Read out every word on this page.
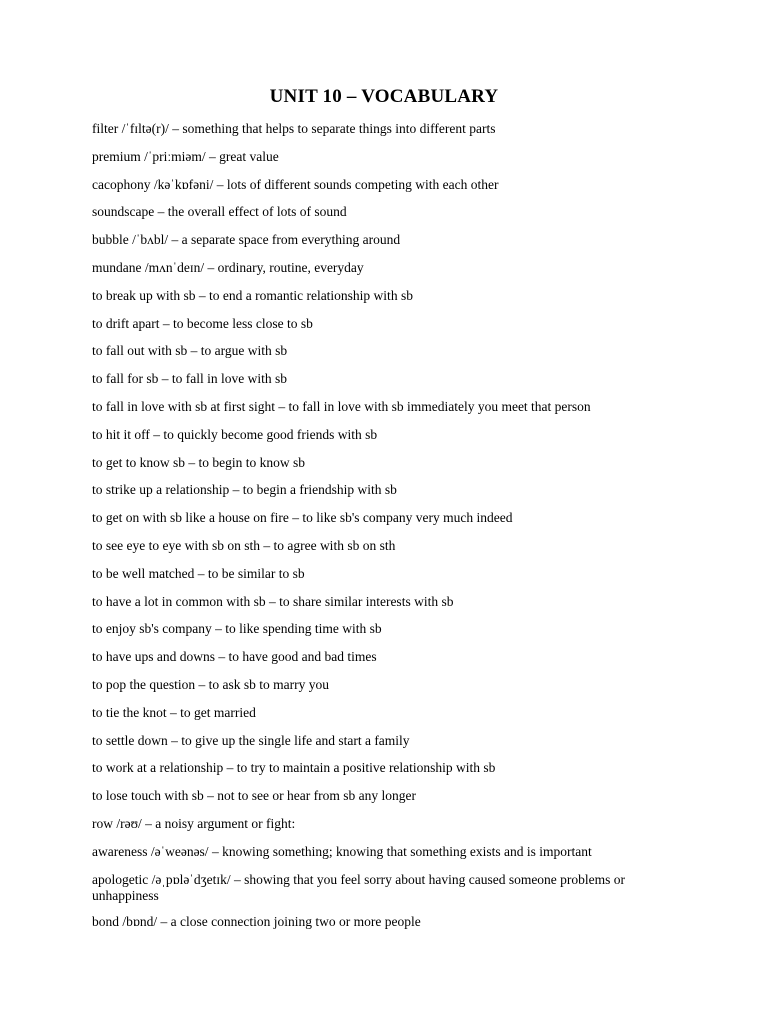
UNIT 10 – VOCABULARY
filter /ˈfɪltə(r)/ – something that helps to separate things into different parts
premium /ˈpriːmiəm/ – great value
cacophony /kəˈkɒfəni/ – lots of different sounds competing with each other
soundscape – the overall effect of lots of sound
bubble /ˈbʌbl/ – a separate space from everything around
mundane /mʌnˈdeɪn/ – ordinary, routine, everyday
to break up with sb – to end a romantic relationship with sb
to drift apart – to become less close to sb
to fall out with sb – to argue with sb
to fall for sb – to fall in love with sb
to fall in love with sb at first sight – to fall in love with sb immediately you meet that person
to hit it off – to quickly become good friends with sb
to get to know sb – to begin to know sb
to strike up a relationship – to begin a friendship with sb
to get on with sb like a house on fire – to like sb's company very much indeed
to see eye to eye with sb on sth – to agree with sb on sth
to be well matched – to be similar to sb
to have a lot in common with sb – to share similar interests with sb
to enjoy sb's company – to like spending time with sb
to have ups and downs – to have good and bad times
to pop the question – to ask sb to marry you
to tie the knot – to get married
to settle down – to give up the single life and start a family
to work at a relationship – to try to maintain a positive relationship with sb
to lose touch with sb – not to see or hear from sb any longer
row /rəʊ/ – a noisy argument or fight:
awareness /əˈweənəs/ – knowing something; knowing that something exists and is important
apologetic /əˌpɒləˈdʒetɪk/ – showing that you feel sorry about having caused someone problems or unhappiness
bond /bɒnd/ – a close connection joining two or more people
